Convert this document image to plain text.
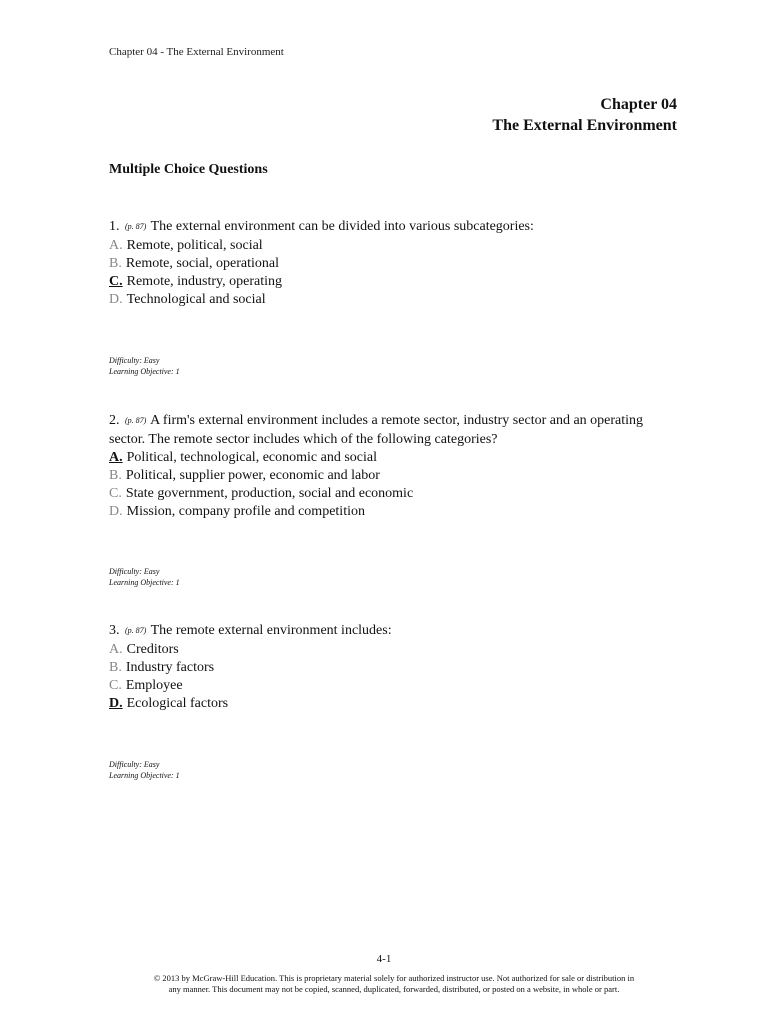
Chapter 04 - The External Environment
Chapter 04
The External Environment
Multiple Choice Questions

1. (p. 87) The external environment can be divided into various subcategories:

A. Remote, political, social
B. Remote, social, operational
C. Remote, industry, operating
D. Technological and social
Difficulty: Easy
Learning Objective: 1

2. (p. 87) A firm's external environment includes a remote sector, industry sector and an operating sector. The remote sector includes which of the following categories?

A. Political, technological, economic and social
B. Political, supplier power, economic and labor
C. State government, production, social and economic
D. Mission, company profile and competition
Difficulty: Easy
Learning Objective: 1

3. (p. 87) The remote external environment includes:

A. Creditors
B. Industry factors
C. Employee
D. Ecological factors
Difficulty: Easy
Learning Objective: 1
4-1
© 2013 by McGraw-Hill Education. This is proprietary material solely for authorized instructor use. Not authorized for sale or distribution in
any manner. This document may not be copied, scanned, duplicated, forwarded, distributed, or posted on a website, in whole or part.
